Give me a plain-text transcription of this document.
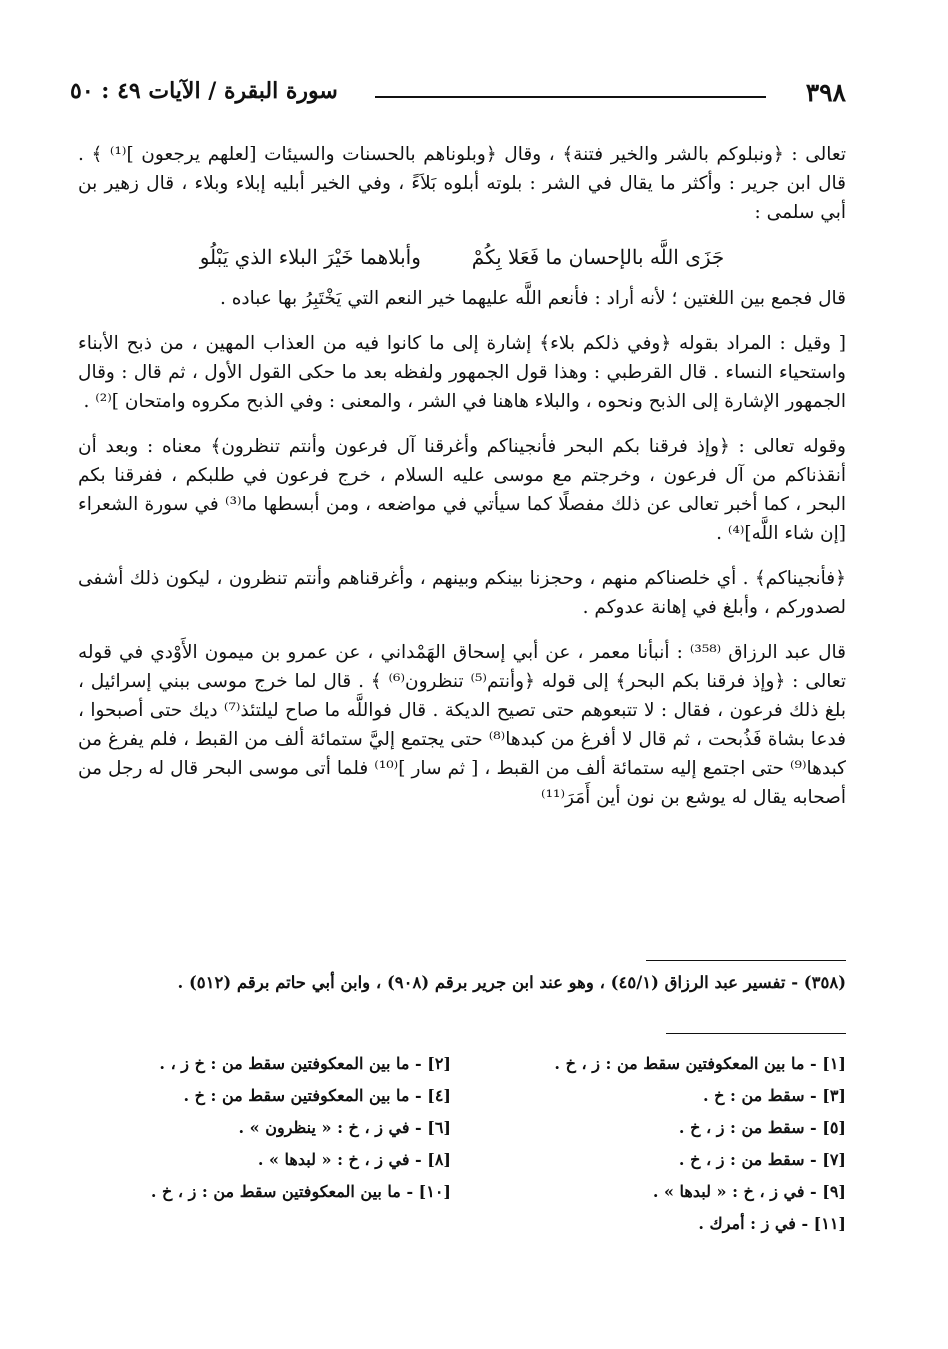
٣٩٨
سورة البقرة / الآيات ٤٩ : ٥٠

تعالى : ﴿ونبلوكم بالشر والخير فتنة﴾ ، وقال ﴿وبلوناهم بالحسنات والسيئات [لعلهم يرجعون ]⁽¹⁾ ﴾ . قال ابن جرير : وأكثر ما يقال في الشر : بلوته أبلوه بَلاَءً ، وفي الخير أبليه إبلاء وبلاء ، قال زهير بن أبي سلمى :

جَزَى اللَّه بالإحسان ما فَعَلا بِكُمْ وأبلاهما خَيْرَ البلاء الذي يَبْلُو

قال فجمع بين اللغتين ؛ لأنه أراد : فأنعم اللَّه عليهما خير النعم التي يَخْتَبِرُ بها عباده .

[ وقيل : المراد بقوله ﴿وفي ذلكم بلاء﴾ إشارة إلى ما كانوا فيه من العذاب المهين ، من ذبح الأبناء واستحياء النساء . قال القرطبي : وهذا قول الجمهور ولفظه بعد ما حكى القول الأول ، ثم قال : وقال الجمهور الإشارة إلى الذبح ونحوه ، والبلاء هاهنا في الشر ، والمعنى : وفي الذبح مكروه وامتحان ]⁽²⁾ .

وقوله تعالى : ﴿وإذ فرقنا بكم البحر فأنجيناكم وأغرقنا آل فرعون وأنتم تنظرون﴾ معناه : وبعد أن أنقذناكم من آل فرعون ، وخرجتم مع موسى عليه السلام ، خرج فرعون في طلبكم ، ففرقنا بكم البحر ، كما أخبر تعالى عن ذلك مفصلًا كما سيأتي في مواضعه ، ومن أبسطها ما⁽³⁾ في سورة الشعراء [إن شاء اللَّه]⁽⁴⁾ .

﴿فأنجيناكم﴾ . أي خلصناكم منهم ، وحجزنا بينكم وبينهم ، وأغرقناهم وأنتم تنظرون ، ليكون ذلك أشفى لصدوركم ، وأبلغ في إهانة عدوكم .

قال عبد الرزاق ⁽³⁵⁸⁾ : أنبأنا معمر ، عن أبي إسحاق الهَمْداني ، عن عمرو بن ميمون الأَوْدي في قوله تعالى : ﴿وإذ فرقنا بكم البحر﴾ إلى قوله ﴿وأنتم⁽⁵⁾ تنظرون⁽⁶⁾ ﴾ . قال لما خرج موسى ببني إسرائيل ، بلغ ذلك فرعون ، فقال : لا تتبعوهم حتى تصيح الديكة . قال فواللَّه ما صاح ليلتئذ⁽⁷⁾ ديك حتى أصبحوا ، فدعا بشاة فَذُبحت ، ثم قال لا أفرغ من كبدها⁽⁸⁾ حتى يجتمع إليَّ ستمائة ألف من القبط ، فلم يفرغ من كبدها⁽⁹⁾ حتى اجتمع إليه ستمائة ألف من القبط ، [ ثم سار ]⁽¹⁰⁾ فلما أتى موسى البحر قال له رجل من أصحابه يقال له يوشع بن نون أين أَمَرَ⁽¹¹⁾

(٣٥٨) - تفسير عبد الرزاق (٤٥/١) ، وهو عند ابن جرير برقم (٩٠٨) ، وابن أبي حاتم برقم (٥١٢) .
[١] - ما بين المعكوفتين سقط من : ز ، خ .
[٣] - سقط من : خ .
[٥] - سقط من : ز ، خ .
[٧] - سقط من : ز ، خ .
[٩] - في ز ، خ : « لبدها » .
[١١] - في ز : أمرك .
[٢] - ما بين المعكوفتين سقط من : خ ز ، .
[٤] - ما بين المعكوفتين سقط من : خ .
[٦] - في ز ، خ : « ينظرون » .
[٨] - في ز ، خ : « لبدها » .
[١٠] - ما بين المعكوفتين سقط من : ز ، خ .
